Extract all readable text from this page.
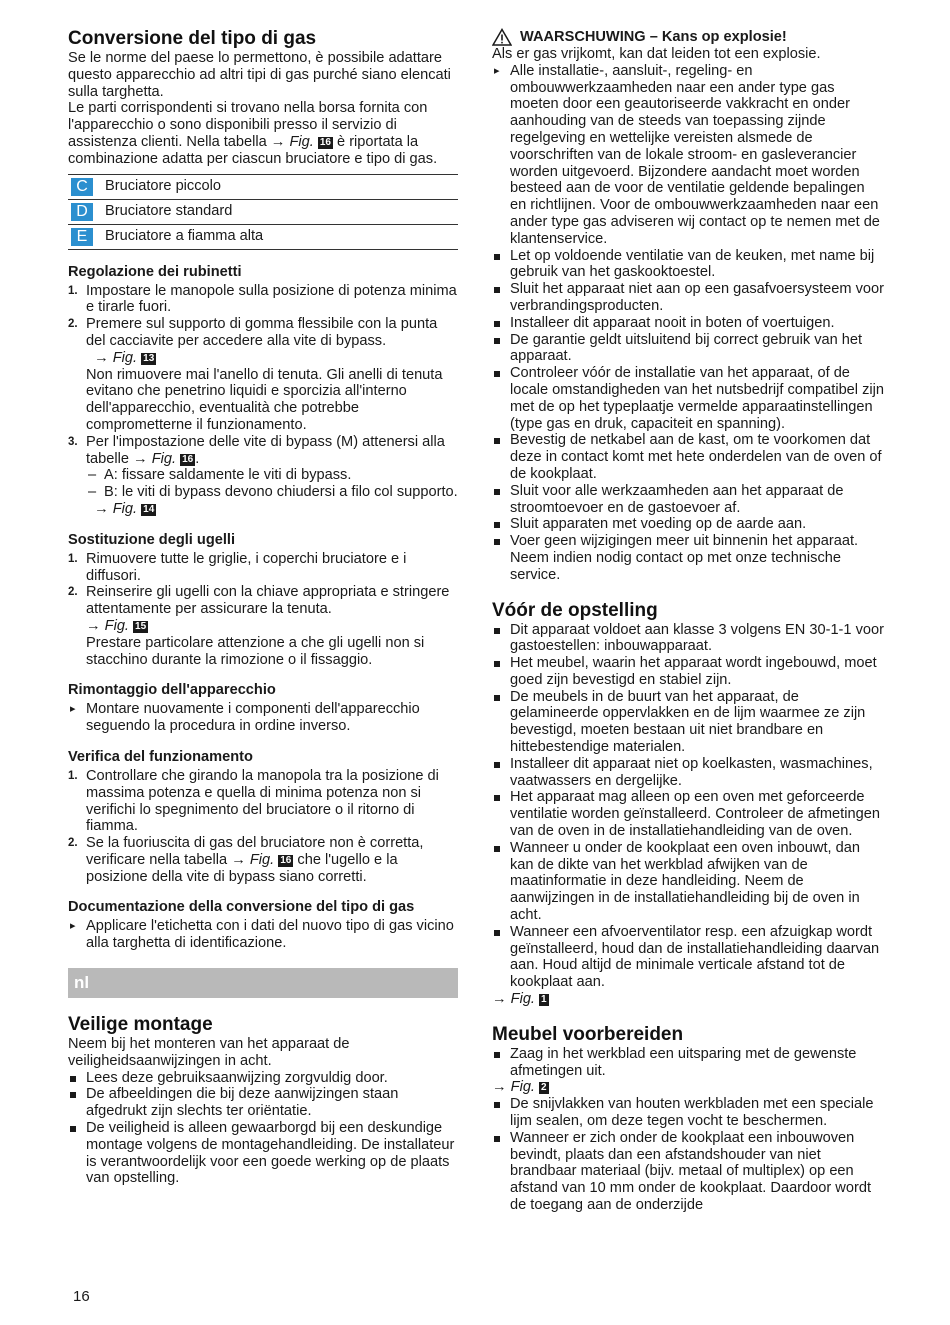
Conversione del tipo di gas

Se le norme del paese lo permettono, è possibile adattare questo apparecchio ad altri tipi di gas purché siano elencati sulla targhetta.

Le parti corrispondenti si trovano nella borsa fornita con l'apparecchio o sono disponibili presso il servizio di assistenza clienti. Nella tabella → Fig. 16 è riportata la combinazione adatta per ciascun bruciatore e tipo di gas.

C	Bruciatore piccolo
D	Bruciatore standard
E	Bruciatore a fiamma alta
Regolazione dei rubinetti
1. Impostare le manopole sulla posizione di potenza minima e tirarle fuori.
2. Premere sul supporto di gomma flessibile con la punta del cacciavite per accedere alla vite di bypass.
→ Fig. 13
Non rimuovere mai l'anello di tenuta. Gli anelli di tenuta evitano che penetrino liquidi e sporcizia all'interno dell'apparecchio, eventualità che potrebbe comprometterne il funzionamento.
3. Per l'impostazione delle vite di bypass (M) attenersi alla tabelle → Fig. 16 .
– A: fissare saldamente le viti di bypass.
– B: le viti di bypass devono chiudersi a filo col supporto.
→ Fig. 14
Sostituzione degli ugelli
1. Rimuovere tutte le griglie, i coperchi bruciatore e i diffusori.
2. Reinserire gli ugelli con la chiave appropriata e stringere attentamente per assicurare la tenuta.
→ Fig. 15
Prestare particolare attenzione a che gli ugelli non si stacchino durante la rimozione o il fissaggio.
Rimontaggio dell'apparecchio
▸ Montare nuovamente i componenti dell'apparecchio seguendo la procedura in ordine inverso.
Verifica del funzionamento
1. Controllare che girando la manopola tra la posizione di massima potenza e quella di minima potenza non si verifichi lo spegnimento del bruciatore o il ritorno di fiamma.
2. Se la fuoriuscita di gas del bruciatore non è corretta, verificare nella tabella → Fig. 16 che l'ugello e la posizione della vite di bypass siano corretti.
Documentazione della conversione del tipo di gas
▸ Applicare l'etichetta con i dati del nuovo tipo di gas vicino alla targhetta di identificazione.
nl
Veilige montage

Neem bij het monteren van het apparaat de veiligheidsaanwijzingen in acht.

Lees deze gebruiksaanwijzing zorgvuldig door.
De afbeeldingen die bij deze aanwijzingen staan afgedrukt zijn slechts ter oriëntatie.
De veiligheid is alleen gewaarborgd bij een deskundige montage volgens de montagehandleiding. De installateur is verantwoordelijk voor een goede werking op de plaats van opstelling.
WAARSCHUWING – Kans op explosie!

Als er gas vrijkomt, kan dat leiden tot een explosie.

▸ Alle installatie-, aansluit-, regeling- en ombouwwerkzaamheden naar een ander type gas moeten door een geautoriseerde vakkracht en onder aanhouding van de steeds van toepassing zijnde regelgeving en wettelijke vereisten alsmede de voorschriften van de lokale stroom- en gasleverancier worden uitgevoerd. Bijzondere aandacht moet worden besteed aan de voor de ventilatie geldende bepalingen en richtlijnen. Voor de ombouwwerkzaamheden naar een ander type gas adviseren wij contact op te nemen met de klantenservice.
Let op voldoende ventilatie van de keuken, met name bij gebruik van het gaskooktoestel.
Sluit het apparaat niet aan op een gasafvoersysteem voor verbrandingsproducten.
Installeer dit apparaat nooit in boten of voertuigen.
De garantie geldt uitsluitend bij correct gebruik van het apparaat.
Controleer vóór de installatie van het apparaat, of de locale omstandigheden van het nutsbedrijf compatibel zijn met de op het typeplaatje vermelde apparaatinstellingen (type gas en druk, capaciteit en spanning).
Bevestig de netkabel aan de kast, om te voorkomen dat deze in contact komt met hete onderdelen van de oven of de kookplaat.
Sluit voor alle werkzaamheden aan het apparaat de stroomtoevoer en de gastoevoer af.
Sluit apparaten met voeding op de aarde aan.
Voer geen wijzigingen meer uit binnenin het apparaat. Neem indien nodig contact op met onze technische service.
Vóór de opstelling
Dit apparaat voldoet aan klasse 3 volgens EN 30-1-1 voor gastoestellen: inbouwapparaat.
Het meubel, waarin het apparaat wordt ingebouwd, moet goed zijn bevestigd en stabiel zijn.
De meubels in de buurt van het apparaat, de gelamineerde oppervlakken en de lijm waarmee ze zijn bevestigd, moeten bestaan uit niet brandbare en hittebestendige materialen.
Installeer dit apparaat niet op koelkasten, wasmachines, vaatwassers en dergelijke.
Het apparaat mag alleen op een oven met geforceerde ventilatie worden geïnstalleerd. Controleer de afmetingen van de oven in de installatiehandleiding van de oven.
Wanneer u onder de kookplaat een oven inbouwt, dan kan de dikte van het werkblad afwijken van de maatinformatie in deze handleiding. Neem de aanwijzingen in de installatiehandleiding bij de oven in acht.
Wanneer een afvoerventilator resp. een afzuigkap wordt geïnstalleerd, houd dan de installatiehandleiding daarvan aan. Houd altijd de minimale verticale afstand tot de kookplaat aan.
→ Fig. 1
Meubel voorbereiden
Zaag in het werkblad een uitsparing met de gewenste afmetingen uit.
→ Fig. 2
De snijvlakken van houten werkbladen met een speciale lijm sealen, om deze tegen vocht te beschermen.
Wanneer er zich onder de kookplaat een inbouwoven bevindt, plaats dan een afstandshouder van niet brandbaar materiaal (bijv. metaal of multiplex) op een afstand van 10 mm onder de kookplaat. Daardoor wordt de toegang aan de onderzijde
16
